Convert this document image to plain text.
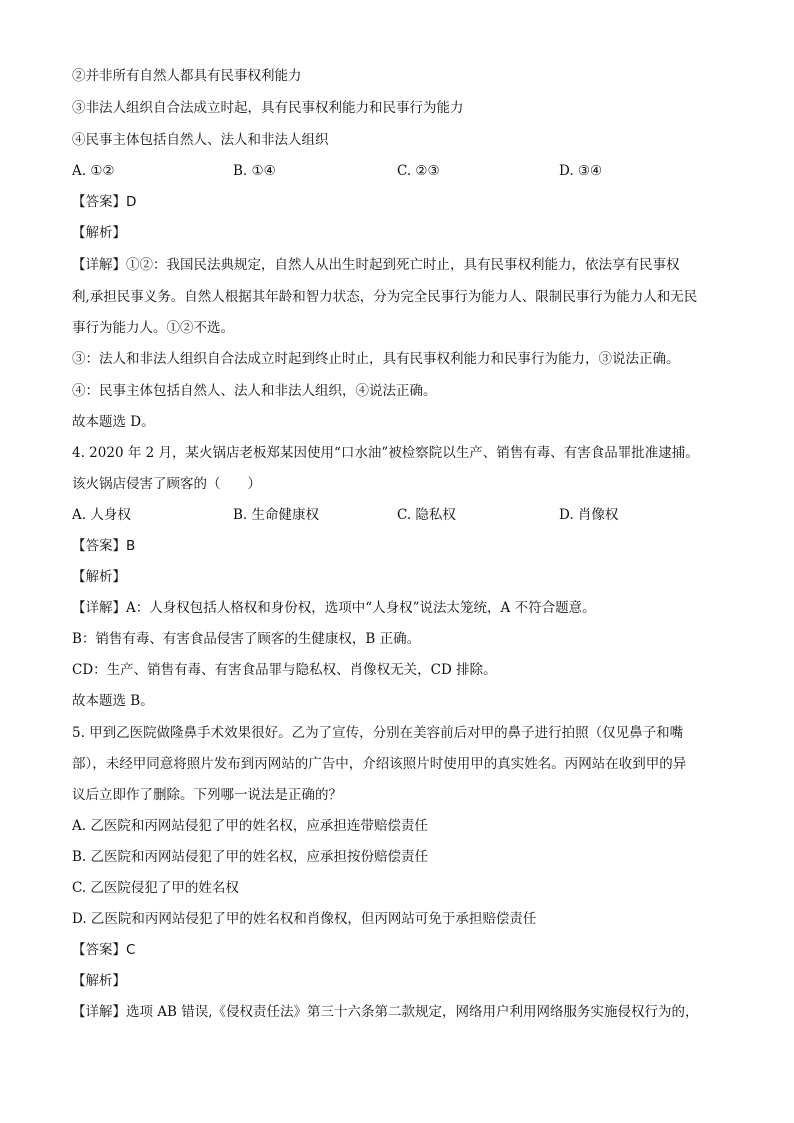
②并非所有自然人都具有民事权利能力
③非法人组织自合法成立时起，具有民事权利能力和民事行为能力
④民事主体包括自然人、法人和非法人组织
A. ①②	B. ①④	C. ②③	D. ③④
【答案】D
【解析】
【详解】①②：我国民法典规定，自然人从出生时起到死亡时止，具有民事权利能力，依法享有民事权
利,承担民事义务。自然人根据其年龄和智力状态，分为完全民事行为能力人、限制民事行为能力人和无民
事行为能力人。①②不选。
③：法人和非法人组织自合法成立时起到终止时止，具有民事权利能力和民事行为能力，③说法正确。
④：民事主体包括自然人、法人和非法人组织，④说法正确。
故本题选 D。
4. 2020 年 2 月，某火锅店老板郑某因使用“口水油”被检察院以生产、销售有毒、有害食品罪批准逮捕。
该火锅店侵害了顾客的（　　）
A. 人身权	B. 生命健康权	C. 隐私权	D. 肖像权
【答案】B
【解析】
【详解】A：人身权包括人格权和身份权，选项中“人身权”说法太笼统，A 不符合题意。
B：销售有毒、有害食品侵害了顾客的生健康权，B 正确。
CD：生产、销售有毒、有害食品罪与隐私权、肖像权无关，CD 排除。
故本题选 B。
5. 甲到乙医院做隆鼻手术效果很好。乙为了宣传，分别在美容前后对甲的鼻子进行拍照（仅见鼻子和嘴
部），未经甲同意将照片发布到丙网站的广告中，介绍该照片时使用甲的真实姓名。丙网站在收到甲的异
议后立即作了删除。下列哪一说法是正确的？
A. 乙医院和丙网站侵犯了甲的姓名权，应承担连带赔偿责任
B. 乙医院和丙网站侵犯了甲的姓名权，应承担按份赔偿责任
C. 乙医院侵犯了甲的姓名权
D. 乙医院和丙网站侵犯了甲的姓名权和肖像权，但丙网站可免于承担赔偿责任
【答案】C
【解析】
【详解】选项 AB 错误,《侵权责任法》第三十六条第二款规定，网络用户利用网络服务实施侵权行为的，
